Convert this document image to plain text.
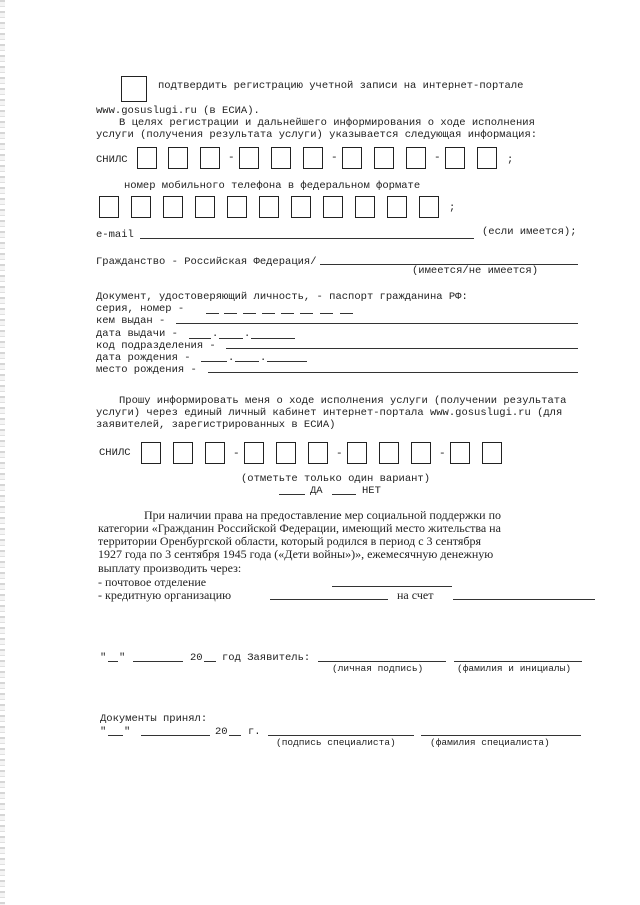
подтвердить регистрацию учетной записи на интернет-портале
www.gosuslugi.ru (в ЕСИА).
В целях регистрации и дальнейшего информирования о ходе исполнения
услуги (получения результата услуги) указывается следующая информация:
СНИЛС	-	-	-	;
номер мобильного телефона в федеральном формате
;
e-mail	(если имеется);
Гражданство - Российская Федерация/
(имеется/не имеется)
Документ, удостоверяющий личность, - паспорт гражданина РФ:
серия, номер -
кем выдан -
дата выдачи -	. .
код подразделения -
дата рождения -	. .
место рождения -
Прошу информировать меня о ходе исполнения услуги (получении результата
услуги) через единый личный кабинет интернет-портала www.gosuslugi.ru (для
заявителей, зарегистрированных в ЕСИА)
СНИЛС	-	-	-
(отметьте только один вариант)
ДА	НЕТ
При наличии права на предоставление мер социальной поддержки по
категории «Гражданин Российской Федерации, имеющий место жительства на
территории Оренбургской области, который родился в период с 3 сентября
1927 года по 3 сентября 1945 года («Дети войны»)», ежемесячную денежную
выплату производить через:
- почтовое отделение
- кредитную организацию	на счет
" "	20 год Заявитель:
(личная подпись)	(фамилия и инициалы)
Документы принял:
" "	20 г.
(подпись специалиста)	(фамилия специалиста)
